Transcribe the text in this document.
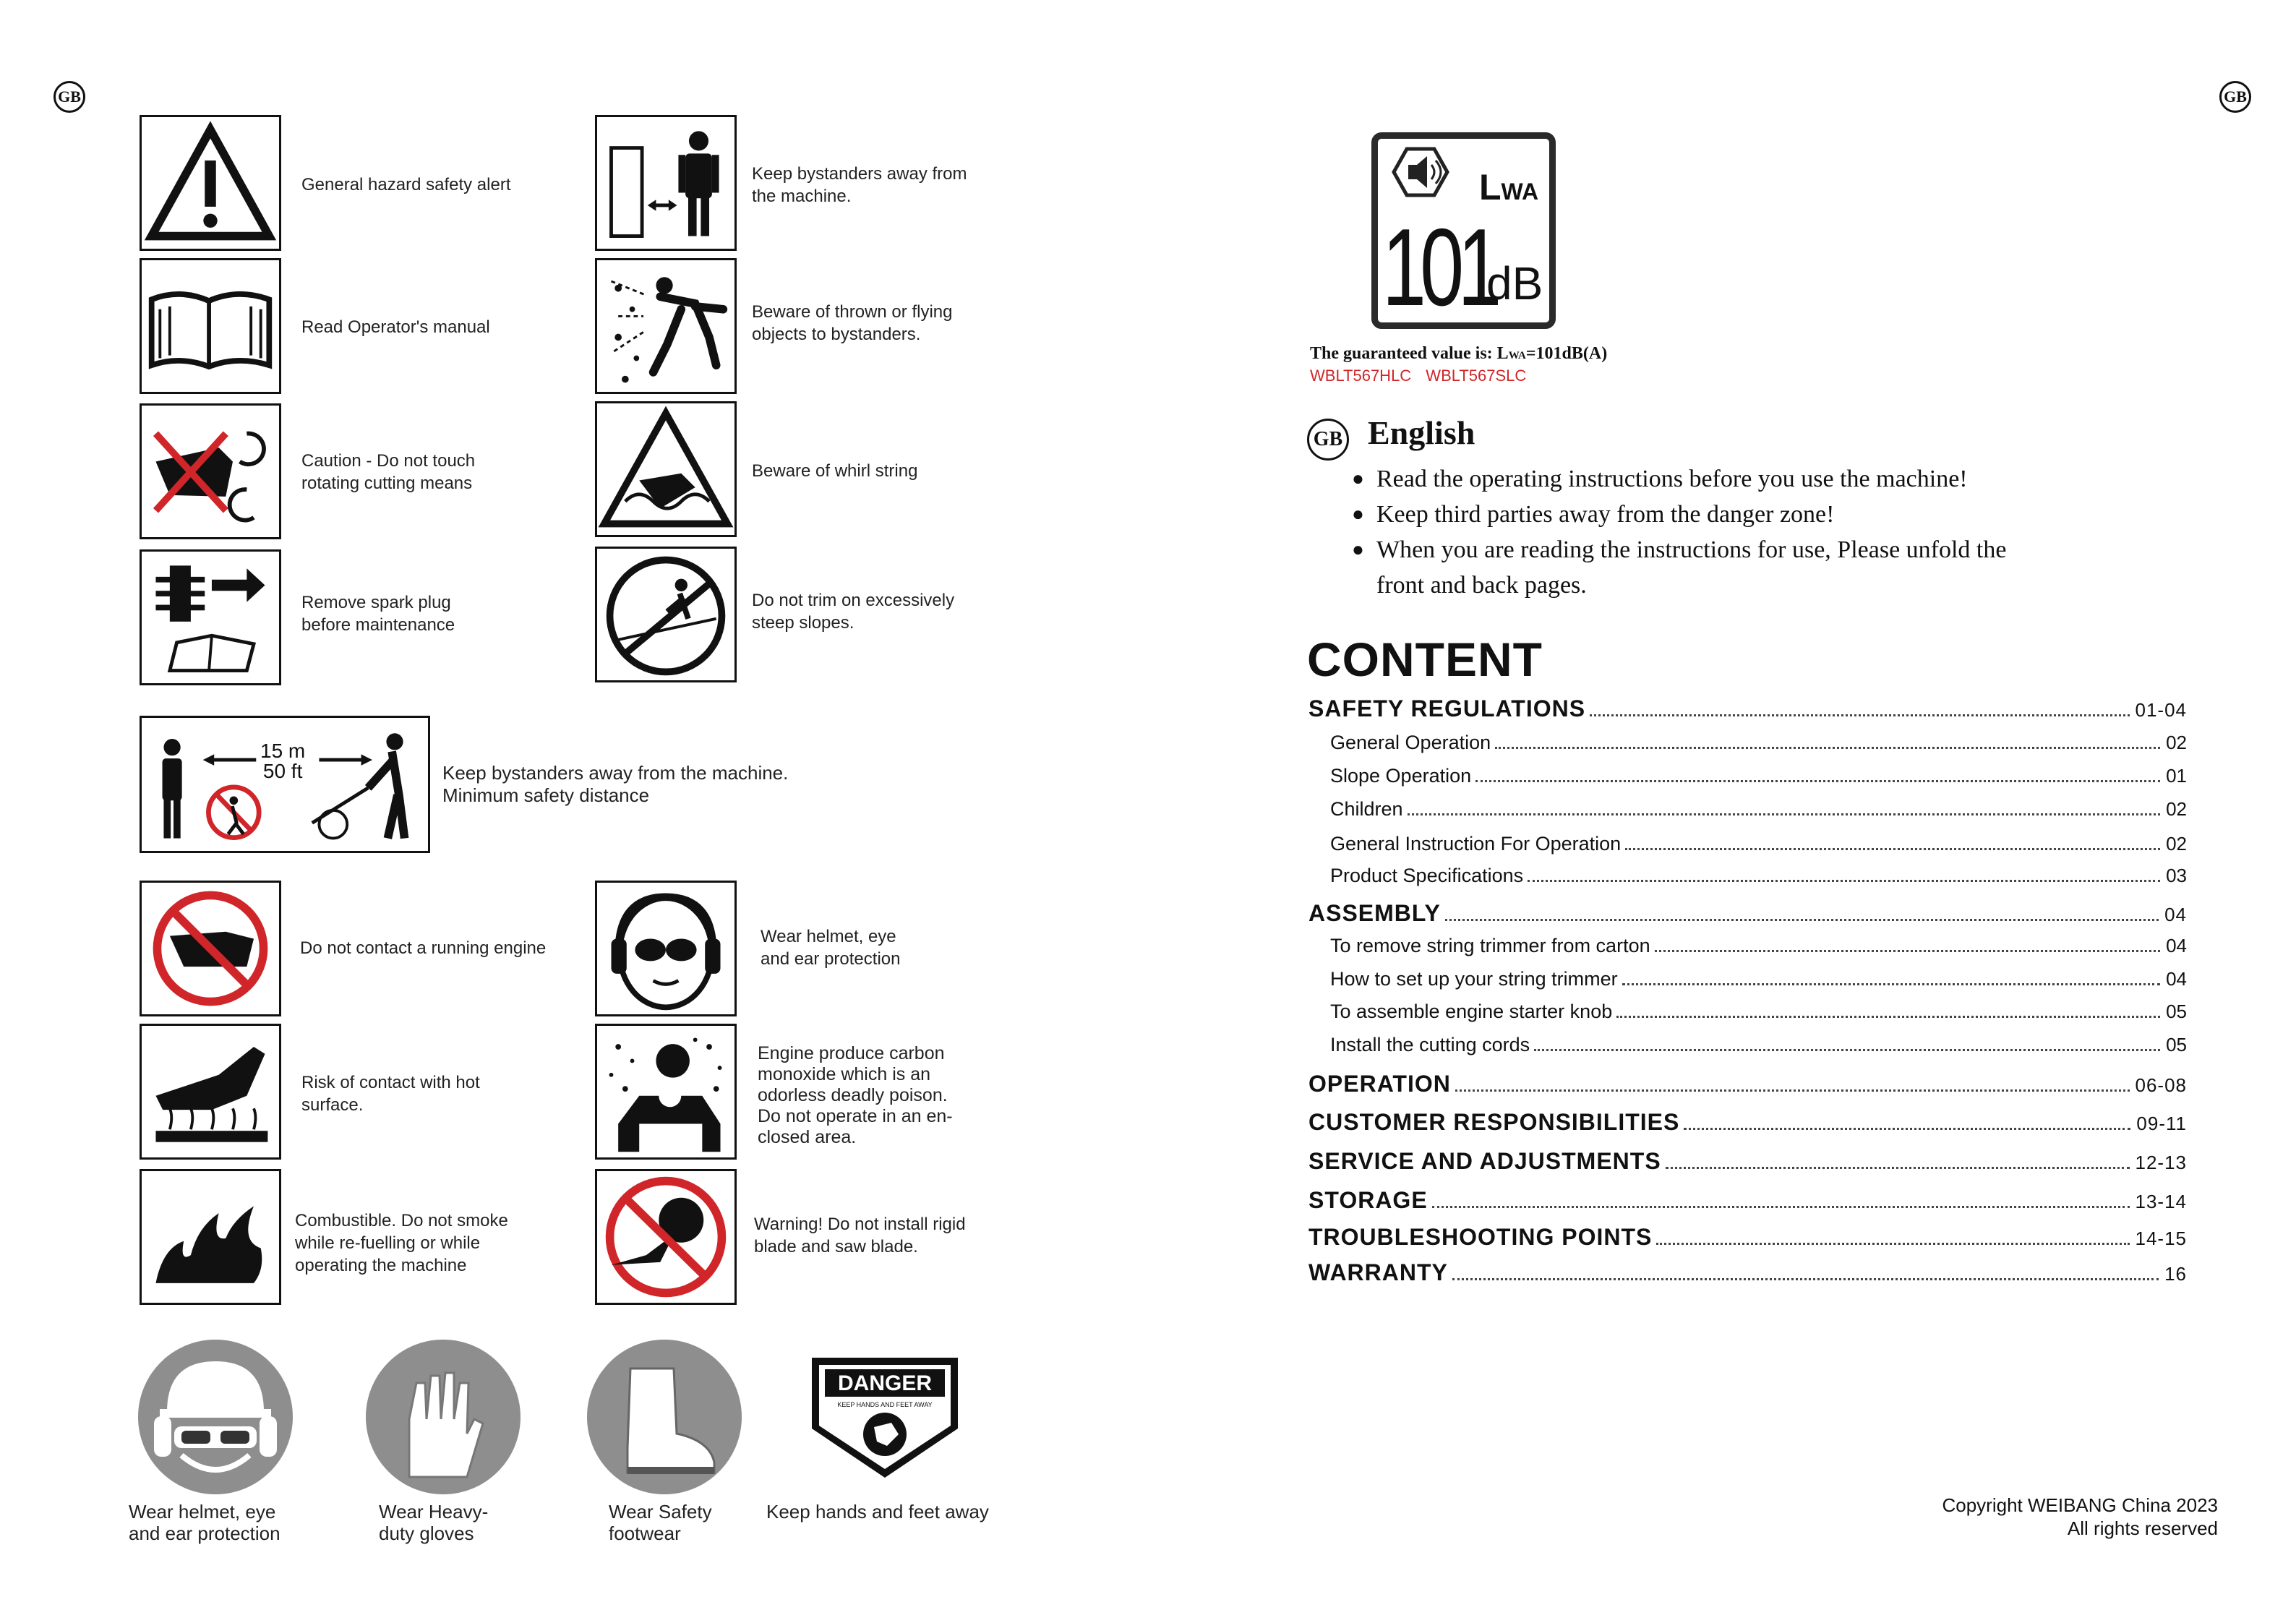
GB	GB
General hazard safety alert
Read Operator's manual
Caution - Do not touch
rotating cutting means
Remove spark plug
before maintenance
Keep bystanders away from
the machine.
Beware of thrown or flying
objects to bystanders.
Beware of whirl string
Do not trim on excessively
steep slopes.
15 m
50 ft	Keep bystanders away from the machine.
Minimum safety distance
Do not contact a running engine
Risk of contact with hot
surface.
Combustible. Do not smoke
while re-fuelling or while
operating the machine
Wear helmet, eye
and ear protection
Engine produce carbon
monoxide which is an
odorless deadly poison.
Do not operate in an en-
closed area.
Warning! Do not install rigid
blade and saw blade.
Wear helmet, eye
and ear protection
Wear Heavy-
duty gloves
Wear Safety
footwear
DANGER
KEEP HANDS AND FEET AWAY
Keep hands and feet away
LWA
101
dB
The guaranteed value is: LWA=101dB(A)
WBLT567HLC WBLT567SLC
GB English
● Read the operating instructions before you use the machine!
● Keep third parties away from the danger zone!
● When you are reading the instructions for use, Please unfold the
front and back pages.
CONTENT
SAFETY REGULATIONS	01-04
General Operation	02
Slope Operation	01
Children	02
General Instruction For Operation	02
Product Specifications	03
ASSEMBLY	04
To remove string trimmer from carton	04
How to set up your string trimmer	04
To assemble engine starter knob	05
Install the cutting cords	05
OPERATION	06-08
CUSTOMER RESPONSIBILITIES	09-11
SERVICE AND ADJUSTMENTS	12-13
STORAGE	13-14
TROUBLESHOOTING POINTS	14-15
WARRANTY	16
Copyright WEIBANG China 2023
All rights reserved
